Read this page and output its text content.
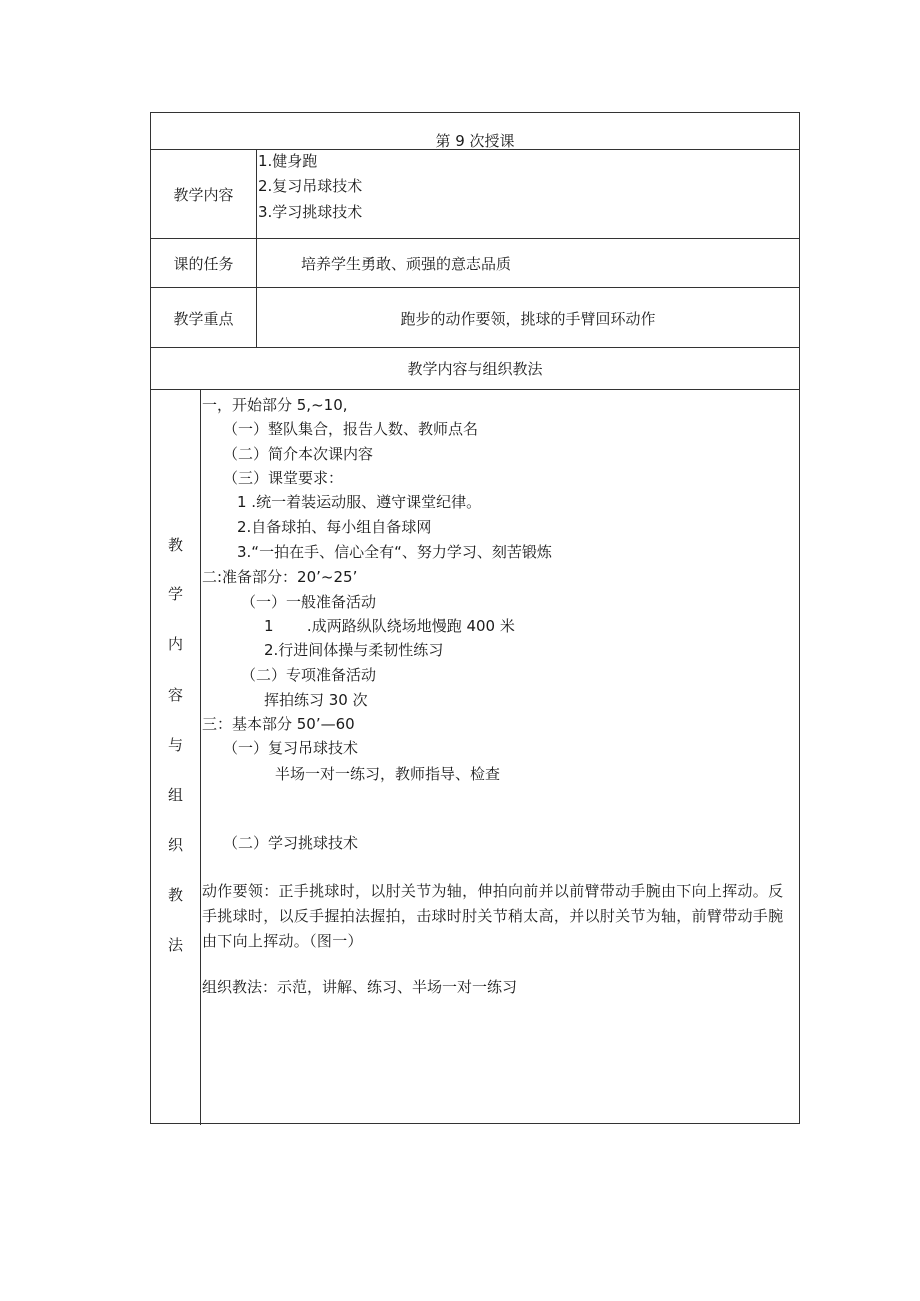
第 9 次授课
教学内容
1.健身跑
2.复习吊球技术
3.学习挑球技术
课的任务	培养学生勇敢、顽强的意志品质
教学重点	跑步的动作要领，挑球的手臂回环动作
教学内容与组织教法
教
学
内
容
与
组
织
教
法
一，开始部分 5,~10,
（一）整队集合，报告人数、教师点名
（二）简介本次课内容
（三）课堂要求：
1 .统一着装运动服、遵守课堂纪律。
2.自备球拍、每小组自备球网
3.“一拍在手、信心全有“、努力学习、刻苦锻炼
二:准备部分：20’~25’
（一）一般准备活动
1       .成两路纵队绕场地慢跑 400 米
2.行进间体操与柔韧性练习
（二）专项准备活动
挥拍练习 30 次
三：基本部分 50’—60
（一）复习吊球技术
半场一对一练习，教师指导、检查
（二）学习挑球技术
动作要领：正手挑球时，以肘关节为轴，伸拍向前并以前臂带动手腕由下向上挥动。反手挑球时，以反手握拍法握拍，击球时肘关节稍太高，并以肘关节为轴，前臂带动手腕由下向上挥动。（图一）
组织教法：示范，讲解、练习、半场一对一练习
